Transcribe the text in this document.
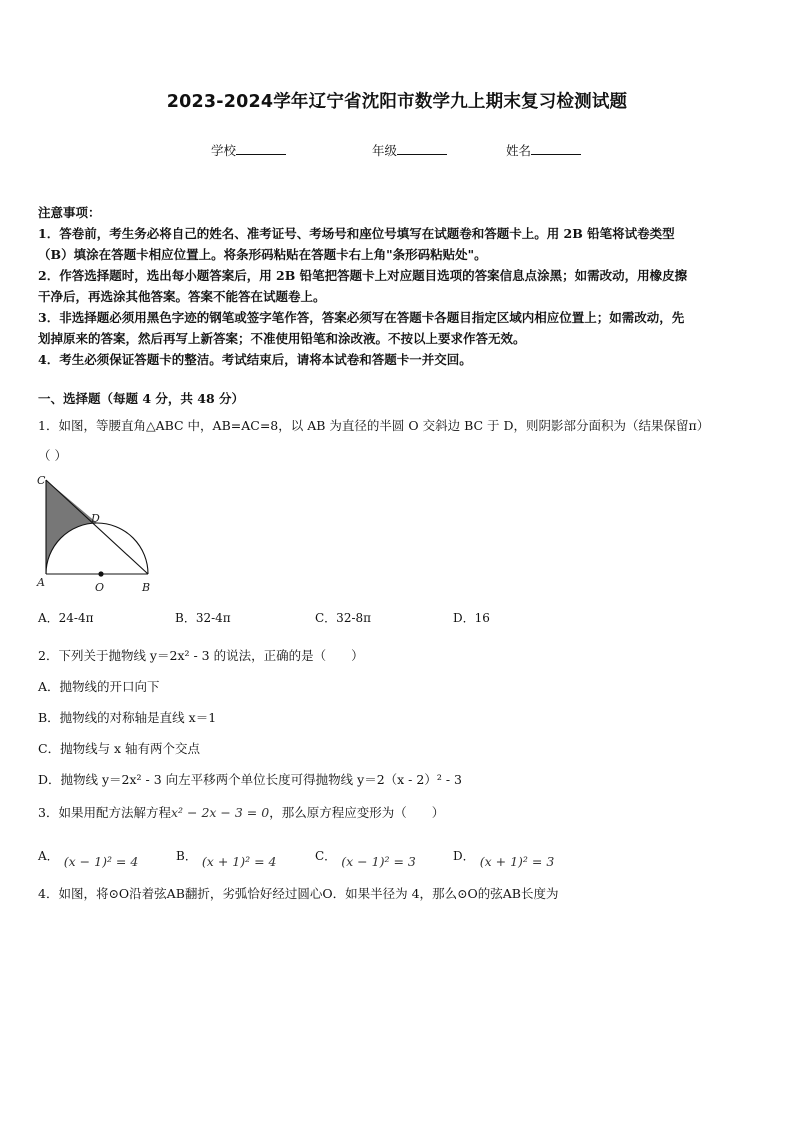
2023-2024学年辽宁省沈阳市数学九上期末复习检测试题
学校	年级	姓名
注意事项：
1．答卷前，考生务必将自己的姓名、准考证号、考场号和座位号填写在试题卷和答题卡上。用 2B 铅笔将试卷类型
（B）填涂在答题卡相应位置上。将条形码粘贴在答题卡右上角"条形码粘贴处"。
2．作答选择题时，选出每小题答案后，用 2B 铅笔把答题卡上对应题目选项的答案信息点涂黑；如需改动，用橡皮擦
干净后，再选涂其他答案。答案不能答在试题卷上。
3．非选择题必须用黑色字迹的钢笔或签字笔作答，答案必须写在答题卡各题目指定区域内相应位置上；如需改动，先
划掉原来的答案，然后再写上新答案；不准使用铅笔和涂改液。不按以上要求作答无效。
4．考生必须保证答题卡的整洁。考试结束后，请将本试卷和答题卡一并交回。
一、选择题（每题 4 分，共 48 分）
1．如图，等腰直角△ABC 中，AB=AC=8，以 AB 为直径的半圆 O 交斜边 BC 于 D，则阴影部分面积为（结果保留π）
（ ）
C
D
A	O	B
A．24-4π	B．32-4π	C．32-8π	D．16
2．下列关于抛物线 y＝2x² - 3 的说法，正确的是（　　）
A．抛物线的开口向下
B．抛物线的对称轴是直线 x＝1
C．抛物线与 x 轴有两个交点
D．抛物线 y＝2x² - 3 向左平移两个单位长度可得抛物线 y＝2（x - 2）² - 3
3．如果用配方法解方程x² − 2x − 3 = 0，那么原方程应变形为（　　）
A． $_{(x - 1)^2 = 4}$	B． $_{(x + 1)^2 = 4}$	C． $_{(x - 1)^2 = 3}$	D． $_{(x + 1)^2 = 3}$
4．如图，将⊙O沿着弦AB翻折，劣弧恰好经过圆心O．如果半径为 4，那么⊙O的弦AB长度为
